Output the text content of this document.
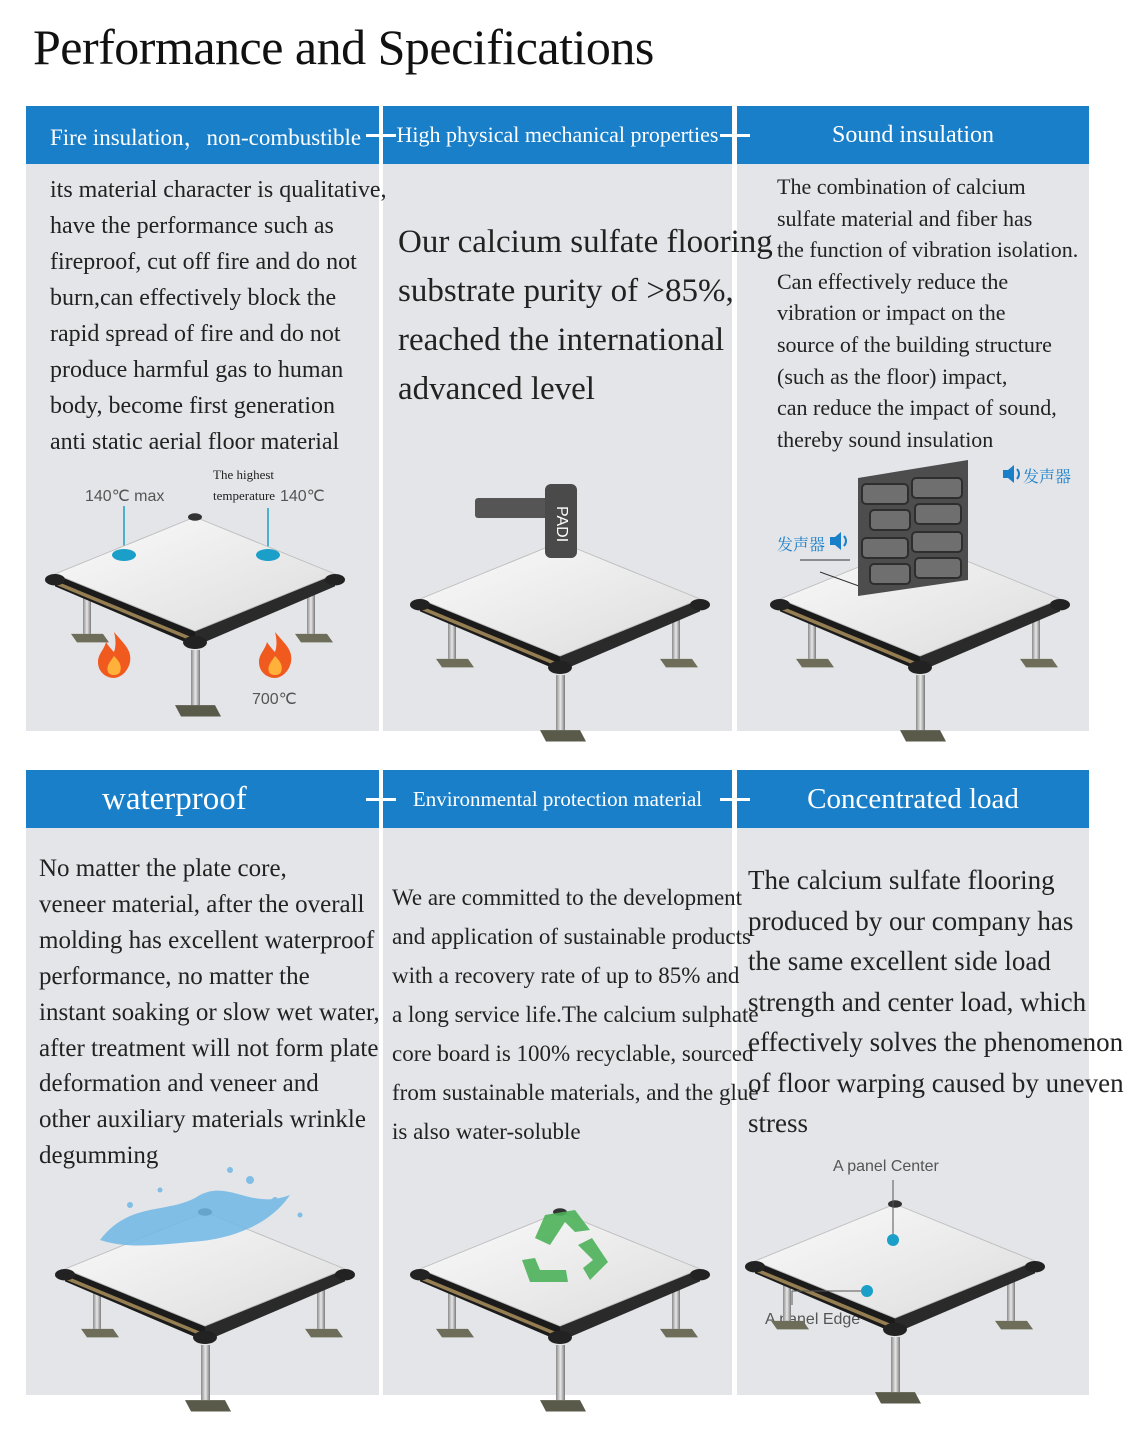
Performance and Specifications
Fire insulation，non-combustible High physical mechanical properties	Sound insulation
its material character is qualitative,
have the performance such as
fireproof, cut off fire and do not
burn,can effectively block the
rapid spread of fire and do not
produce harmful gas to human
body, become first generation
anti static aerial floor material
Our calcium sulfate flooring
substrate purity of >85%,
reached the international
advanced level
The combination of calcium
sulfate material and fiber has
the function of vibration isolation.
Can effectively reduce the
vibration or impact on the
source of the building structure
(such as the floor) impact,
can reduce the impact of sound,
thereby sound insulation
140℃ max
The highest
temperature 140℃
700℃
PADI
发声器
发声器
waterproof	Environmental protection material	Concentrated load
No matter the plate core,
veneer material, after the overall
molding has excellent waterproof
performance, no matter the
instant soaking or slow wet water,
after treatment will not form plate
deformation and veneer and
other auxiliary materials wrinkle
degumming
We are committed to the development
and application of sustainable products
with a recovery rate of up to 85% and
a long service life.The calcium sulphate
core board is 100% recyclable, sourced
from sustainable materials, and the glue
is also water-soluble
The calcium sulfate flooring
produced by our company has
the same excellent side load
strength and center load, which
effectively solves the phenomenon
of floor warping caused by uneven
stress
A panel Center
A panel Edge
